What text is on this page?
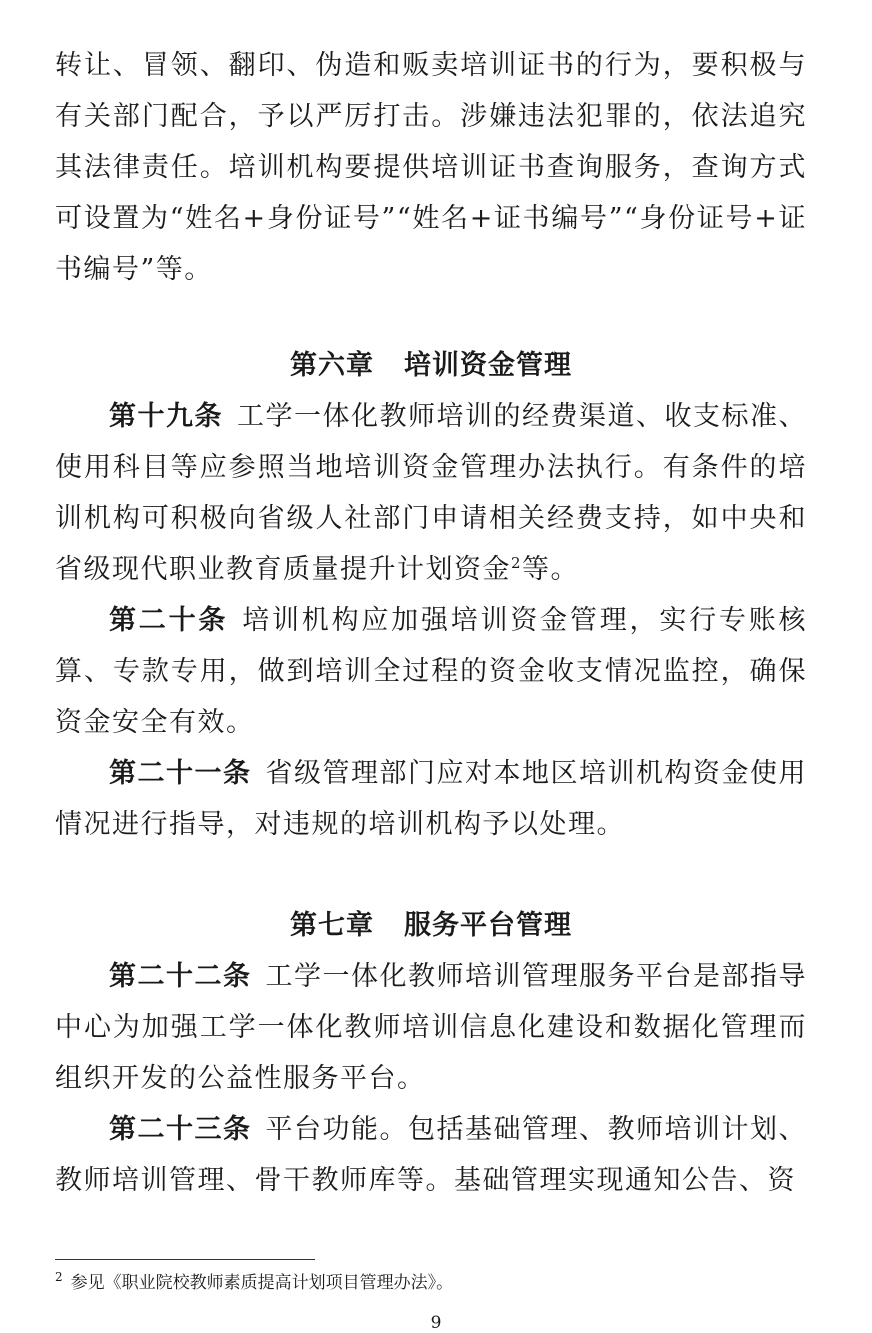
转让、冒领、翻印、伪造和贩卖培训证书的行为，要积极与有关部门配合，予以严厉打击。涉嫌违法犯罪的，依法追究其法律责任。培训机构要提供培训证书查询服务，查询方式可设置为“姓名+身份证号”“姓名+证书编号”“身份证号+证书编号”等。

第六章 培训资金管理

第十九条 工学一体化教师培训的经费渠道、收支标准、使用科目等应参照当地培训资金管理办法执行。有条件的培训机构可积极向省级人社部门申请相关经费支持，如中央和省级现代职业教育质量提升计划资金$^2$等。

第二十条 培训机构应加强培训资金管理，实行专账核算、专款专用，做到培训全过程的资金收支情况监控，确保资金安全有效。

第二十一条 省级管理部门应对本地区培训机构资金使用情况进行指导，对违规的培训机构予以处理。

第七章 服务平台管理

第二十二条 工学一体化教师培训管理服务平台是部指导中心为加强工学一体化教师培训信息化建设和数据化管理而组织开发的公益性服务平台。

第二十三条 平台功能。包括基础管理、教师培训计划、教师培训管理、骨干教师库等。基础管理实现通知公告、资

$^2$ 参见《职业院校教师素质提高计划项目管理办法》。
9
